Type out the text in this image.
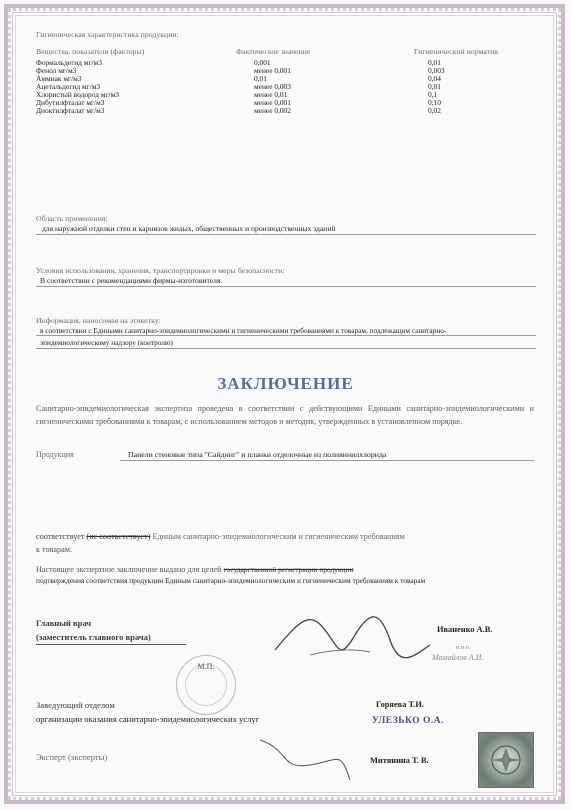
Гигиеническая характеристика продукции:
Вещества, показатели (факторы)	Фактическое значение	Гигиенический норматив
Формальдегид мг/м3	0,001	0,01
Фенол мг/м3	менее 0,001	0,003
Аммиак мг/м3	0,01	0,04
Ацетальдегид мг/м3	менее 0,003	0,01
Хлористый водород мг/м3	менее 0,01	0,1
Дибутилфталат мг/м3	менее 0,001	0,10
Диоктилфталат мг/м3	менее 0,002	0,02
Область применения:
для наружной отделки стен и карнизов жилых, общественных и производственных зданий
Условия использования, хранения, транспортировки и меры безопасности:
В соответствии с рекомендациями фирмы-изготовителя.
Информация, наносимая на этикетку:
в соответствии с Едиными санитарно-эпидемиологическими и гигиеническими требованиями к товарам, подлежащим санитарно-
эпидемиологическому надзору (контролю)
ЗАКЛЮЧЕНИЕ
Санитарно-эпидемиологическая экспертиза проведена в соответствии с действующими Едиными санитарно-эпидемиологическими и гигиеническими требованиями к товарам, с использованием методов и методик, утвержденных в установленном порядке.
Продукция	Панели стеновые типа "Сайдинг" и планки отделочные из поливинилхлорида
соответствует (не соответствует) Единым санитарно-эпидемиологическим и гигиеническим требованиям
к товарам.
Настоящее экспертное заключение выдано для целей государственной регистрации продукции
подтверждения соответствия продукции Единым санитарно-эпидемиологическим и гигиеническим требованиям к товарам
Главный врач
(заместитель главного врача)
Иваненко А.В.
в.и.о.
Мамайлов А.И.
М.П.
Заведующий отделом
организации оказания санитарно-эпидемиологических услуг
Горяева Т.И.
УЛЕЗЬКО О.А.
Эксперт (эксперты)	Митянина Т. В.
